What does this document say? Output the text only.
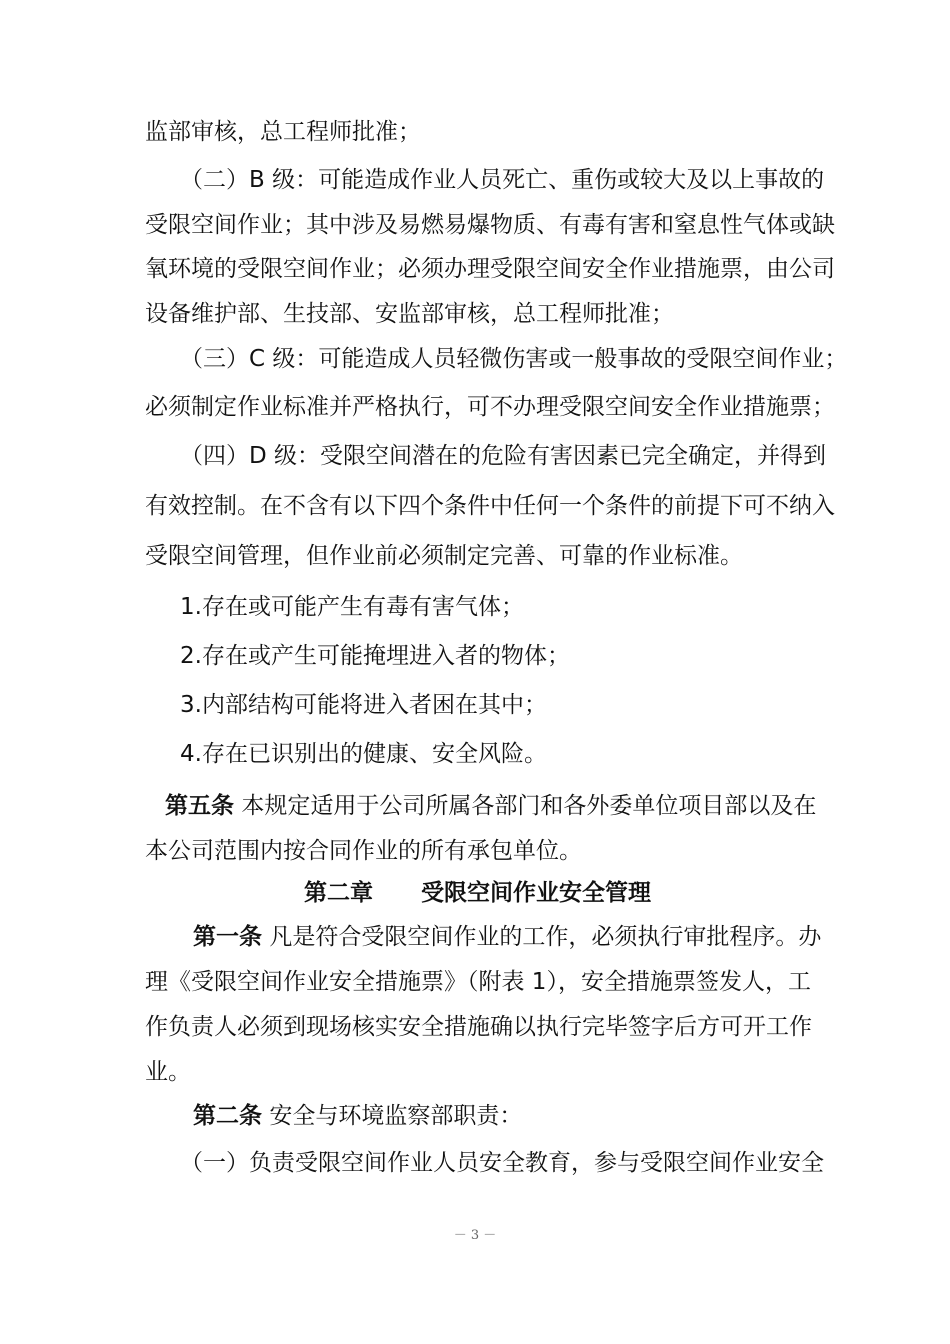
监部审核，总工程师批准；
（二）B 级：可能造成作业人员死亡、重伤或较大及以上事故的
受限空间作业；其中涉及易燃易爆物质、有毒有害和窒息性气体或缺
氧环境的受限空间作业；必须办理受限空间安全作业措施票，由公司
设备维护部、生技部、安监部审核，总工程师批准；
（三）C 级：可能造成人员轻微伤害或一般事故的受限空间作业；
必须制定作业标准并严格执行，可不办理受限空间安全作业措施票；
（四）D 级：受限空间潜在的危险有害因素已完全确定，并得到
有效控制。在不含有以下四个条件中任何一个条件的前提下可不纳入
受限空间管理，但作业前必须制定完善、可靠的作业标准。
1.存在或可能产生有毒有害气体；
2.存在或产生可能掩埋进入者的物体；
3.内部结构可能将进入者困在其中；
4.存在已识别出的健康、安全风险。
第五条 本规定适用于公司所属各部门和各外委单位项目部以及在
本公司范围内按合同作业的所有承包单位。
第二章      受限空间作业安全管理
第一条 凡是符合受限空间作业的工作，必须执行审批程序。办
理《受限空间作业安全措施票》（附表 1），安全措施票签发人，工
作负责人必须到现场核实安全措施确以执行完毕签字后方可开工作
业。
第二条 安全与环境监察部职责：
（一）负责受限空间作业人员安全教育，参与受限空间作业安全
－ 3 －
